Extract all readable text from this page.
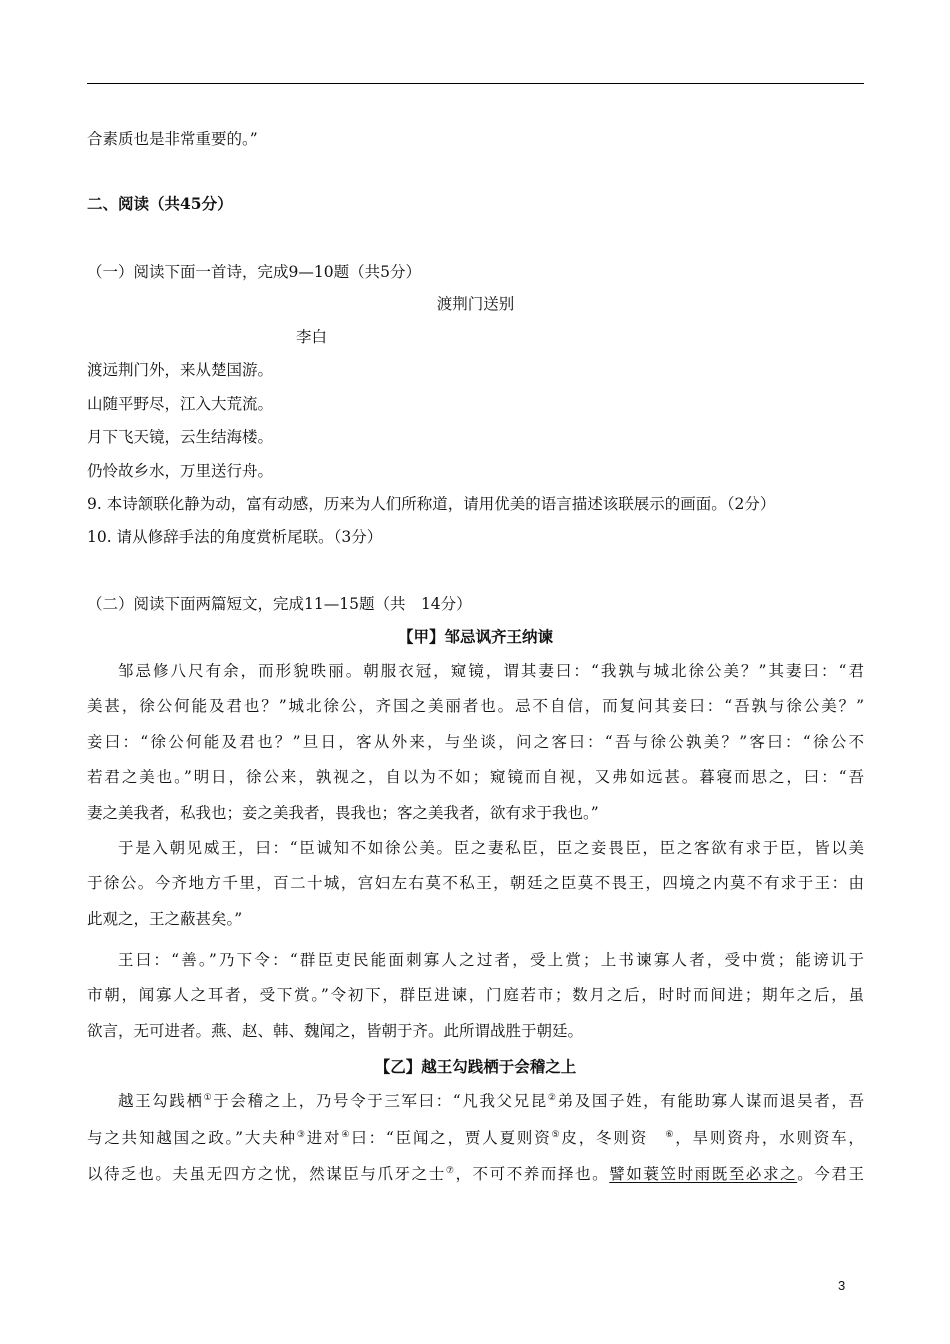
合素质也是非常重要的。”
二、阅读（共45分）
（一）阅读下面一首诗，完成9—10题（共5分）
渡荆门送别
李白
渡远荆门外，来从楚国游。
山随平野尽，江入大荒流。
月下飞天镜，云生结海楼。
仍怜故乡水，万里送行舟。
9. 本诗颔联化静为动，富有动感，历来为人们所称道，请用优美的语言描述该联展示的画面。（2分）
10. 请从修辞手法的角度赏析尾联。（3分）
（二）阅读下面两篇短文，完成11—15题（共　14分）
【甲】邹忌讽齐王纳谏
邹忌修八尺有余，而形貌昳丽。朝服衣冠，窥镜，谓其妻曰：“我孰与城北徐公美？”其妻曰：“君
美甚，徐公何能及君也？”城北徐公，齐国之美丽者也。忌不自信，而复问其妾曰：“吾孰与徐公美？”
妾曰：“徐公何能及君也？”旦日，客从外来，与坐谈，问之客曰：“吾与徐公孰美？”客曰：“徐公不
若君之美也。”明日，徐公来，孰视之，自以为不如；窥镜而自视，又弗如远甚。暮寝而思之，曰：“吾
妻之美我者，私我也；妾之美我者，畏我也；客之美我者，欲有求于我也。”
于是入朝见威王，曰：“臣诚知不如徐公美。臣之妻私臣，臣之妾畏臣，臣之客欲有求于臣，皆以美
于徐公。今齐地方千里，百二十城，宫妇左右莫不私王，朝廷之臣莫不畏王，四境之内莫不有求于王：由
此观之，王之蔽甚矣。”
王曰：“善。”乃下令：“群臣吏民能面刺寡人之过者，受上赏；上书谏寡人者，受中赏；能谤讥于
市朝，闻寡人之耳者，受下赏。”令初下，群臣进谏，门庭若市；数月之后，时时而间进；期年之后，虽
欲言，无可进者。燕、赵、韩、魏闻之，皆朝于齐。此所谓战胜于朝廷。
【乙】越王勾践栖于会稽之上
越王勾践栖①于会稽之上，乃号令于三军曰：“凡我父兄昆②弟及国子姓，有能助寡人谋而退吴者，吾
与之共知越国之政。”大夫种③进对④曰：“臣闻之，贾人夏则资⑤皮，冬则资　⑥，旱则资舟，水则资车，
以待乏也。夫虽无四方之忧，然谋臣与爪牙之士⑦，不可不养而择也。譬如蓑笠时雨既至必求之。今君王
3
